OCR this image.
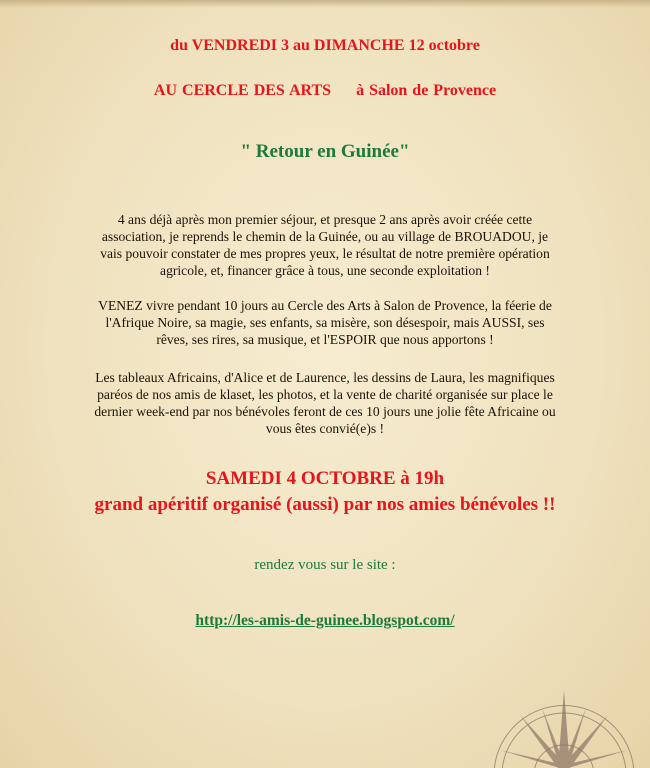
du VENDREDI 3 au DIMANCHE 12 octobre
AU CERCLE DES ARTS à Salon de Provence
" Retour en Guinée"
4 ans déjà après mon premier séjour, et presque 2 ans après avoir créée cette
association, je reprends le chemin de la Guinée, ou au village de BROUADOU, je
vais pouvoir constater de mes propres yeux, le résultat de notre première opération
agricole, et, financer grâce à tous, une seconde exploitation !
VENEZ vivre pendant 10 jours au Cercle des Arts à Salon de Provence, la féerie de
l'Afrique Noire, sa magie, ses enfants, sa misère, son désespoir, mais AUSSI, ses
rêves, ses rires, sa musique, et l'ESPOIR que nous apportons !
Les tableaux Africains, d'Alice et de Laurence, les dessins de Laura, les magnifiques
paréos de nos amis de klaset, les photos, et la vente de charité organisée sur place le
dernier week-end par nos bénévoles feront de ces 10 jours une jolie fête Africaine ou
vous êtes convié(e)s !
SAMEDI 4 OCTOBRE à 19h
grand apéritif organisé (aussi) par nos amies bénévoles !!
rendez vous sur le site :
http://les-amis-de-guinee.blogspot.com/
